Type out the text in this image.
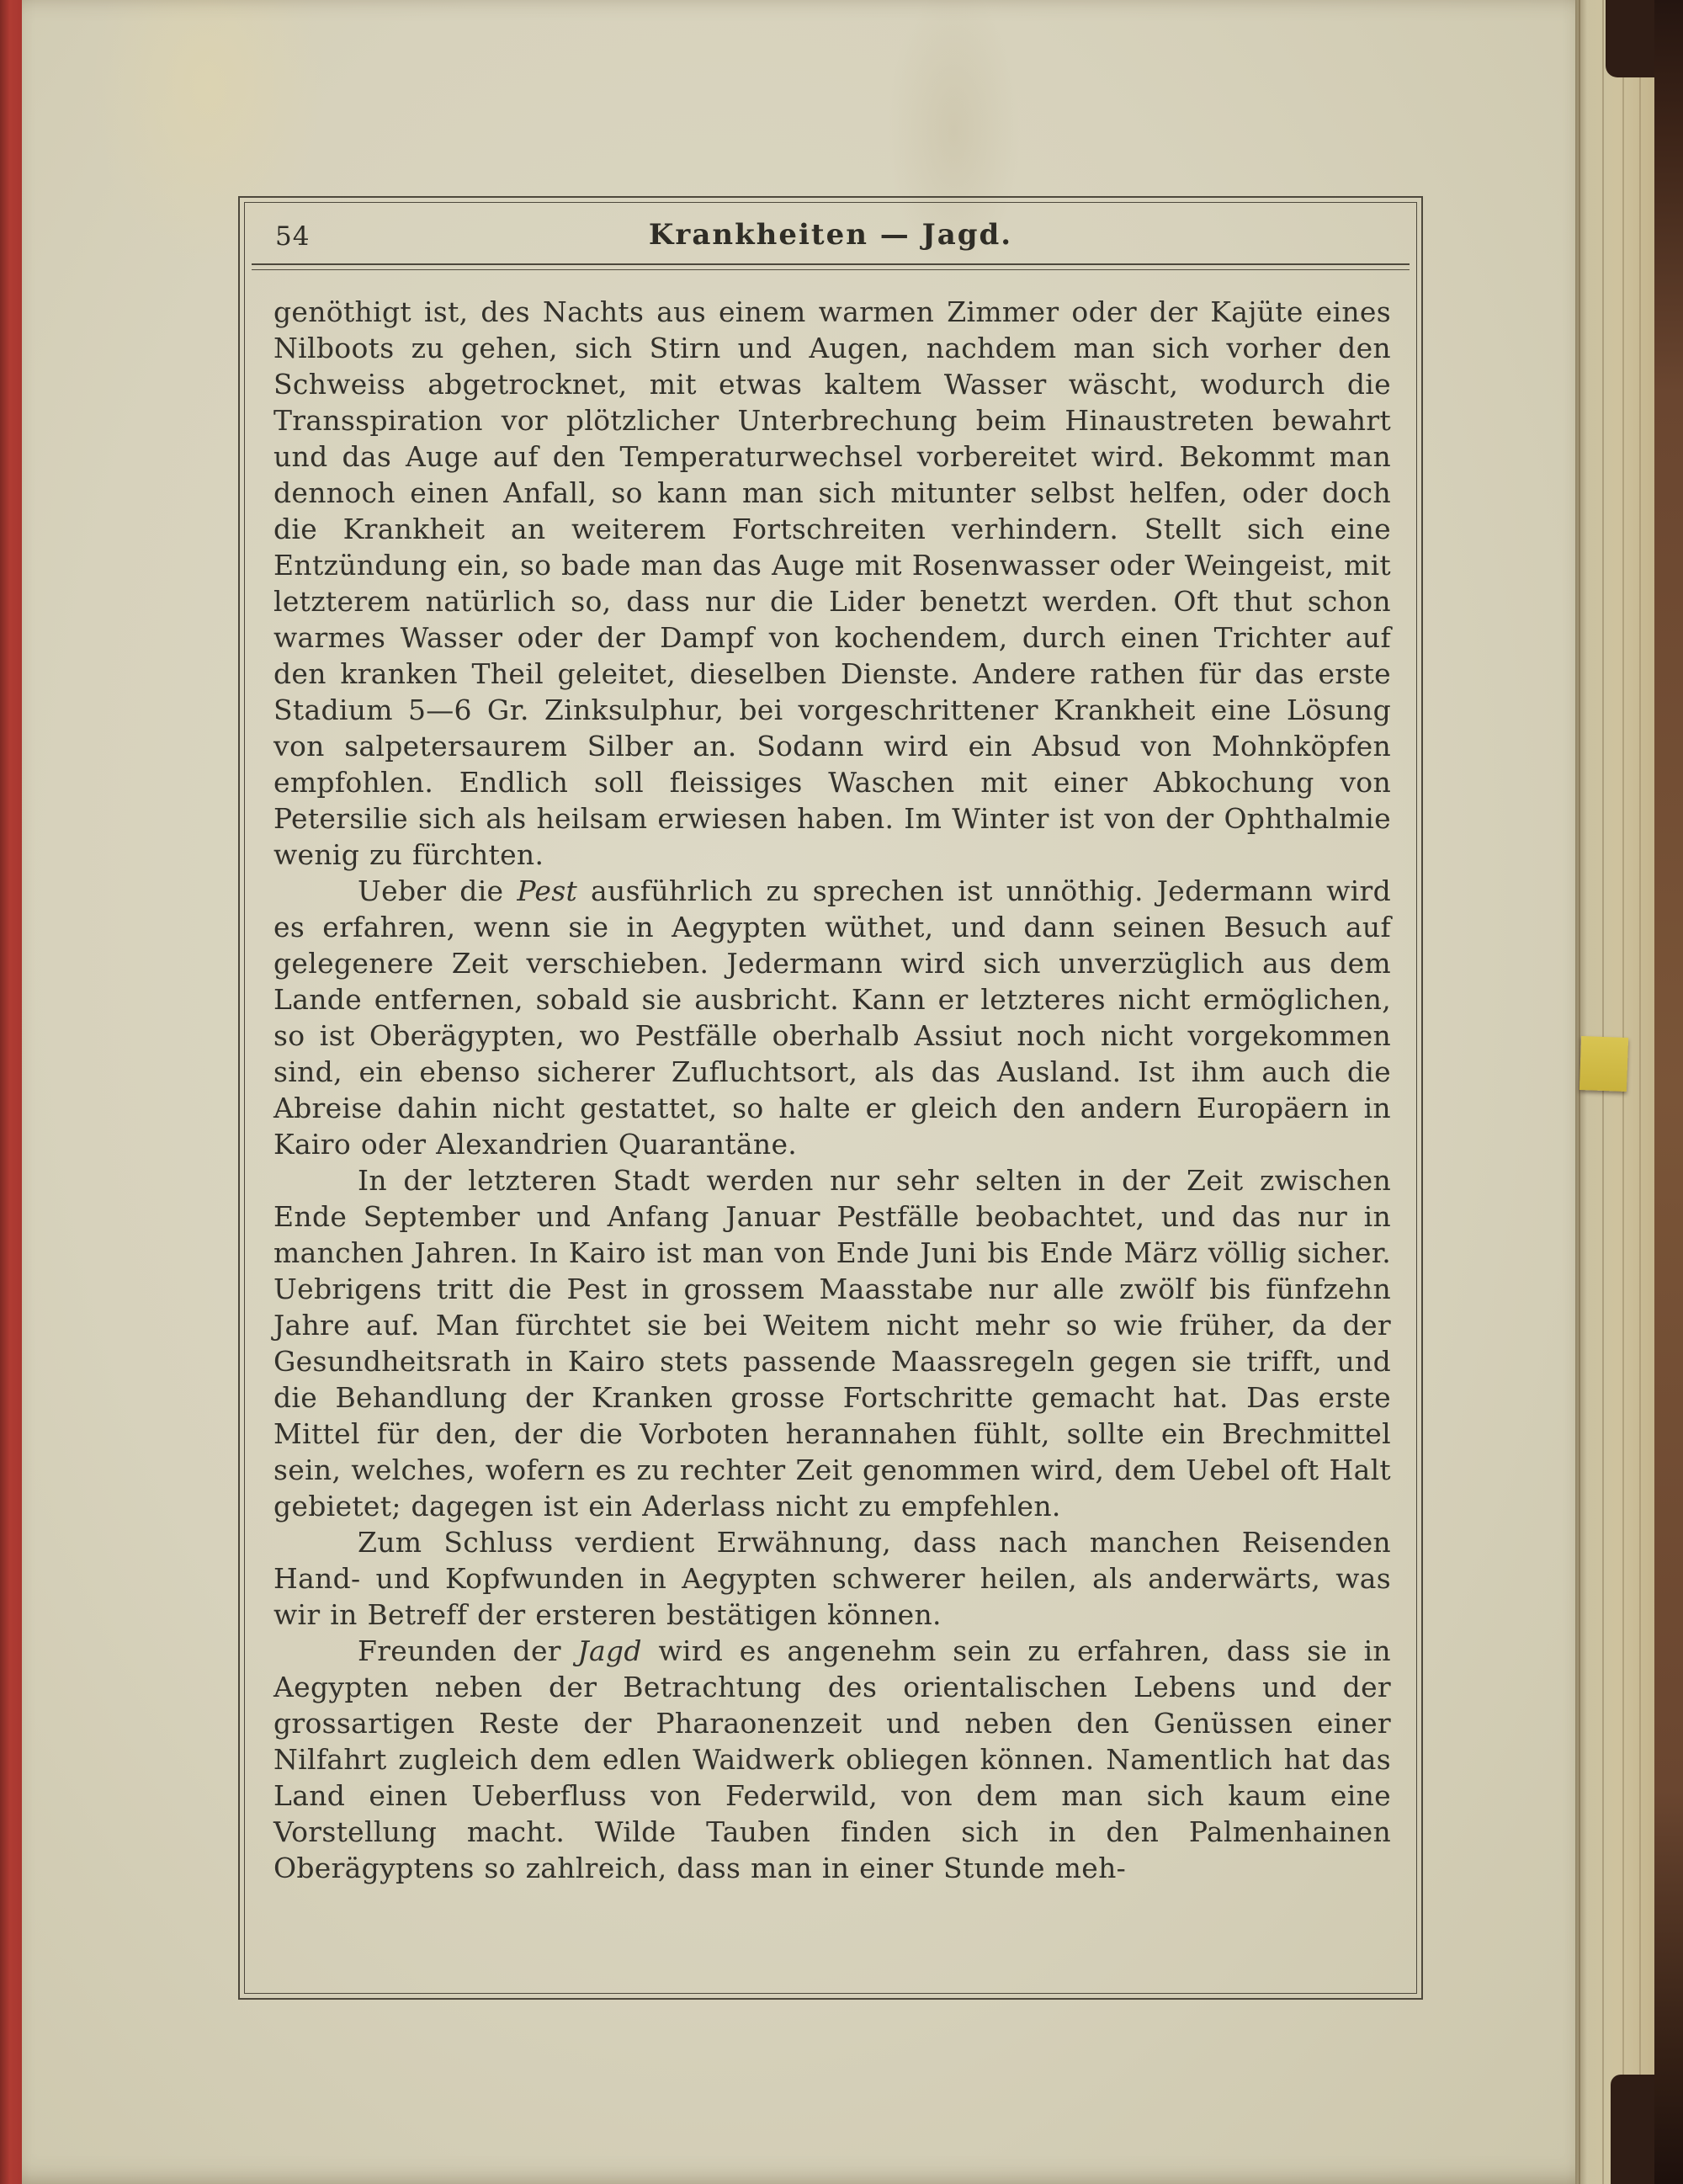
54	Krankheiten — Jagd.

genöthigt ist, des Nachts aus einem warmen Zimmer oder der Kajüte eines Nilboots zu gehen, sich Stirn und Augen, nachdem man sich vorher den Schweiss abgetrocknet, mit etwas kaltem Wasser wäscht, wodurch die Transspiration vor plötzlicher Unterbrechung beim Hinaustreten bewahrt und das Auge auf den Temperaturwechsel vorbereitet wird. Bekommt man dennoch einen Anfall, so kann man sich mitunter selbst helfen, oder doch die Krankheit an weiterem Fortschreiten verhindern. Stellt sich eine Entzündung ein, so bade man das Auge mit Rosenwasser oder Weingeist, mit letzterem natürlich so, dass nur die Lider benetzt werden. Oft thut schon warmes Wasser oder der Dampf von kochendem, durch einen Trichter auf den kranken Theil geleitet, dieselben Dienste. Andere rathen für das erste Stadium 5—6 Gr. Zinksulphur, bei vorgeschrittener Krankheit eine Lösung von salpetersaurem Silber an. Sodann wird ein Absud von Mohnköpfen empfohlen. Endlich soll fleissiges Waschen mit einer Abkochung von Petersilie sich als heilsam erwiesen haben. Im Winter ist von der Ophthalmie wenig zu fürchten.

Ueber die Pest ausführlich zu sprechen ist unnöthig. Jedermann wird es erfahren, wenn sie in Aegypten wüthet, und dann seinen Besuch auf gelegenere Zeit verschieben. Jedermann wird sich unverzüglich aus dem Lande entfernen, sobald sie ausbricht. Kann er letzteres nicht ermöglichen, so ist Oberägypten, wo Pestfälle oberhalb Assiut noch nicht vorgekommen sind, ein ebenso sicherer Zufluchtsort, als das Ausland. Ist ihm auch die Abreise dahin nicht gestattet, so halte er gleich den andern Europäern in Kairo oder Alexandrien Quarantäne.

In der letzteren Stadt werden nur sehr selten in der Zeit zwischen Ende September und Anfang Januar Pestfälle beobachtet, und das nur in manchen Jahren. In Kairo ist man von Ende Juni bis Ende März völlig sicher. Uebrigens tritt die Pest in grossem Maasstabe nur alle zwölf bis fünfzehn Jahre auf. Man fürchtet sie bei Weitem nicht mehr so wie früher, da der Gesundheitsrath in Kairo stets passende Maassregeln gegen sie trifft, und die Behandlung der Kranken grosse Fortschritte gemacht hat. Das erste Mittel für den, der die Vorboten herannahen fühlt, sollte ein Brechmittel sein, welches, wofern es zu rechter Zeit genommen wird, dem Uebel oft Halt gebietet; dagegen ist ein Aderlass nicht zu empfehlen.

Zum Schluss verdient Erwähnung, dass nach manchen Reisenden Hand- und Kopfwunden in Aegypten schwerer heilen, als anderwärts, was wir in Betreff der ersteren bestätigen können.

Freunden der Jagd wird es angenehm sein zu erfahren, dass sie in Aegypten neben der Betrachtung des orientalischen Lebens und der grossartigen Reste der Pharaonenzeit und neben den Genüssen einer Nilfahrt zugleich dem edlen Waidwerk obliegen können. Namentlich hat das Land einen Ueberfluss von Federwild, von dem man sich kaum eine Vorstellung macht. Wilde Tauben finden sich in den Palmenhainen Oberägyptens so zahlreich, dass man in einer Stunde meh-
